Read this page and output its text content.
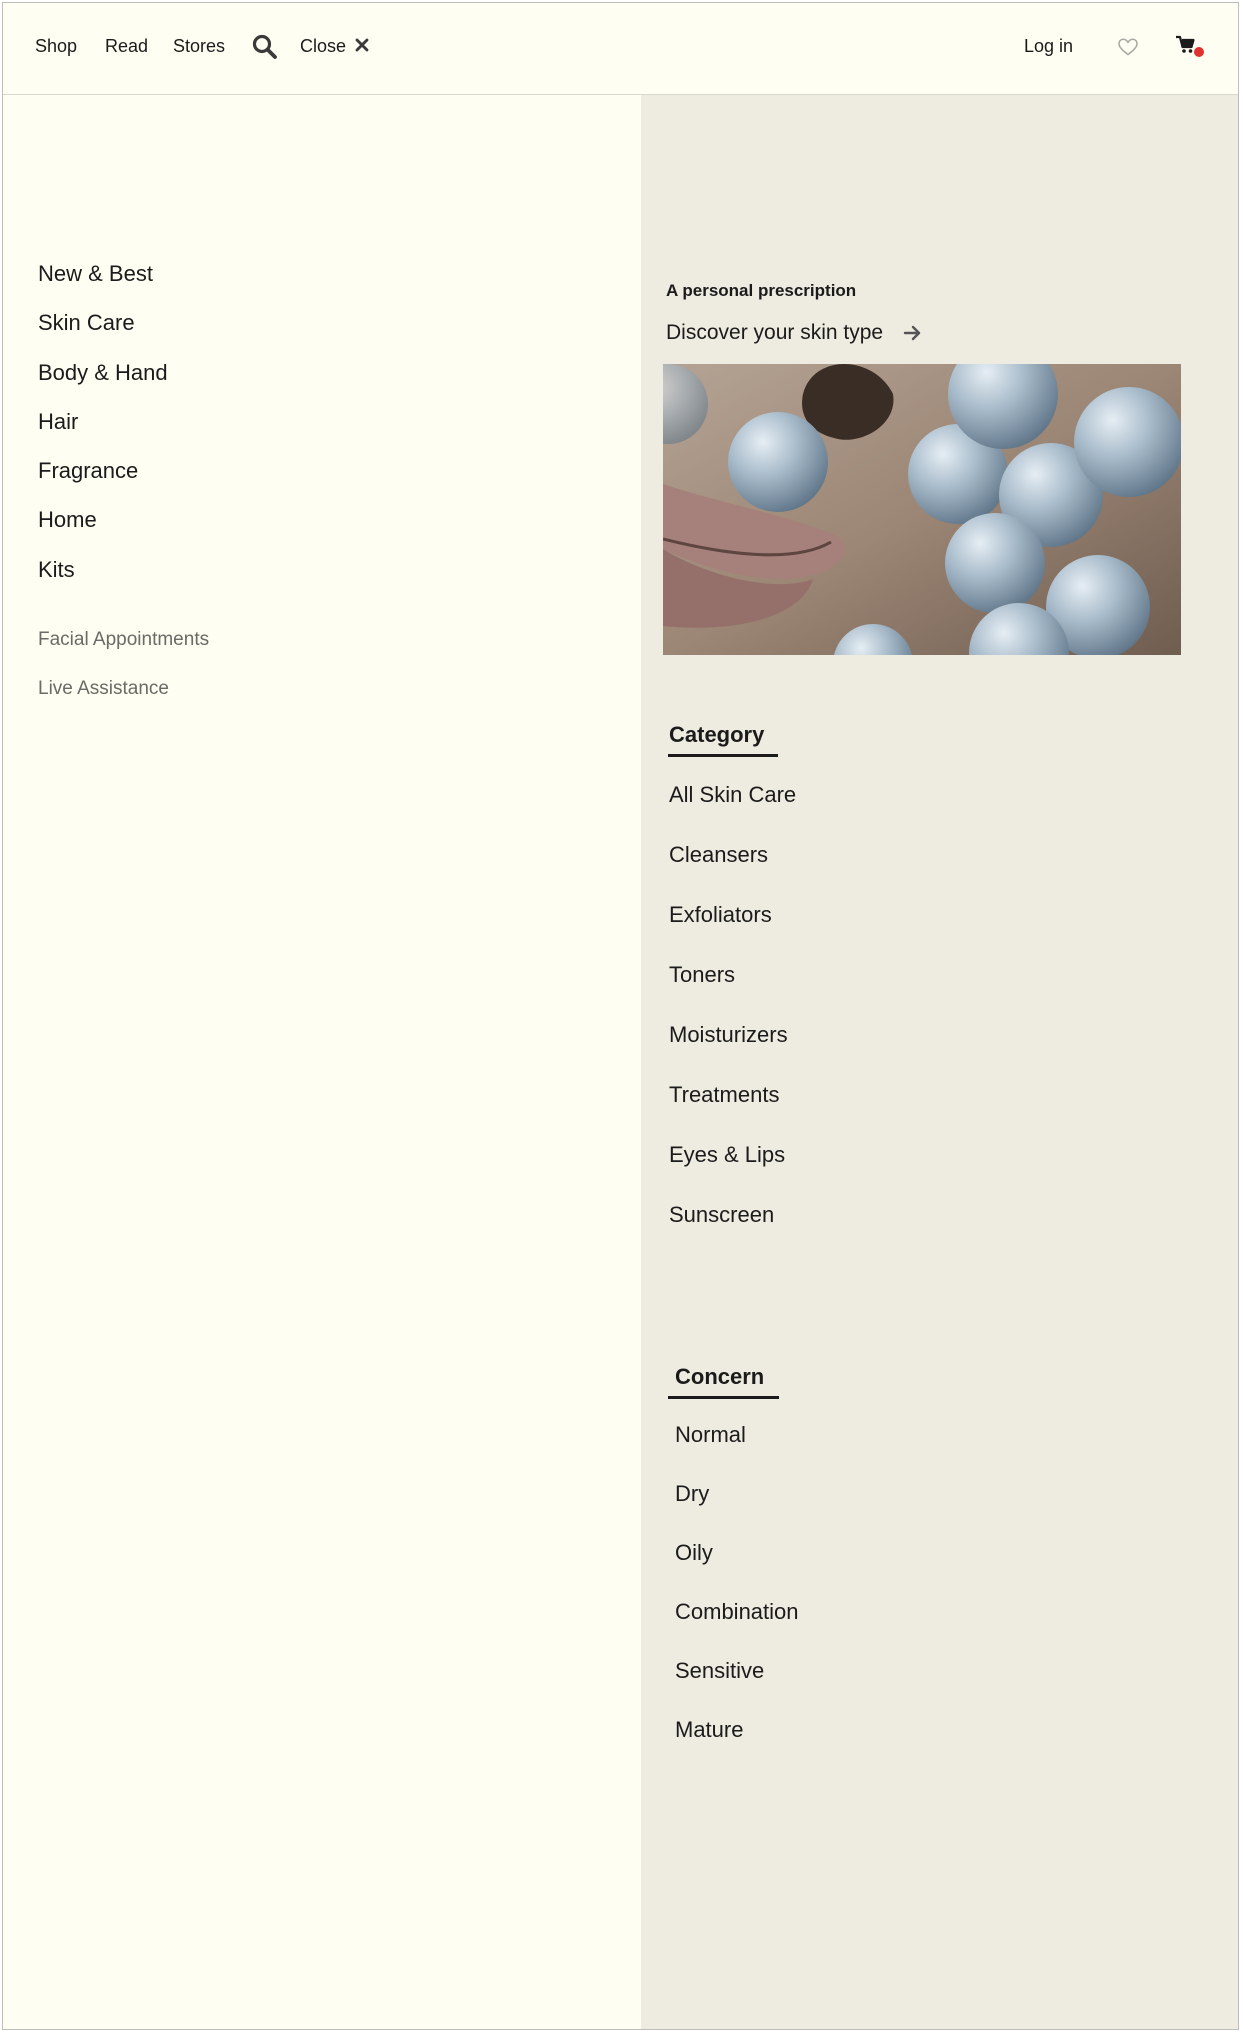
Shop Read Stores	Close	Log in
New & Best
Skin Care
Body & Hand
Hair
Fragrance
Home
Kits
Facial Appointments
Live Assistance
A personal prescription
Discover your skin type
Category
All Skin Care
Cleansers
Exfoliators
Toners
Moisturizers
Treatments
Eyes & Lips
Sunscreen
Concern
Normal
Dry
Oily
Combination
Sensitive
Mature
